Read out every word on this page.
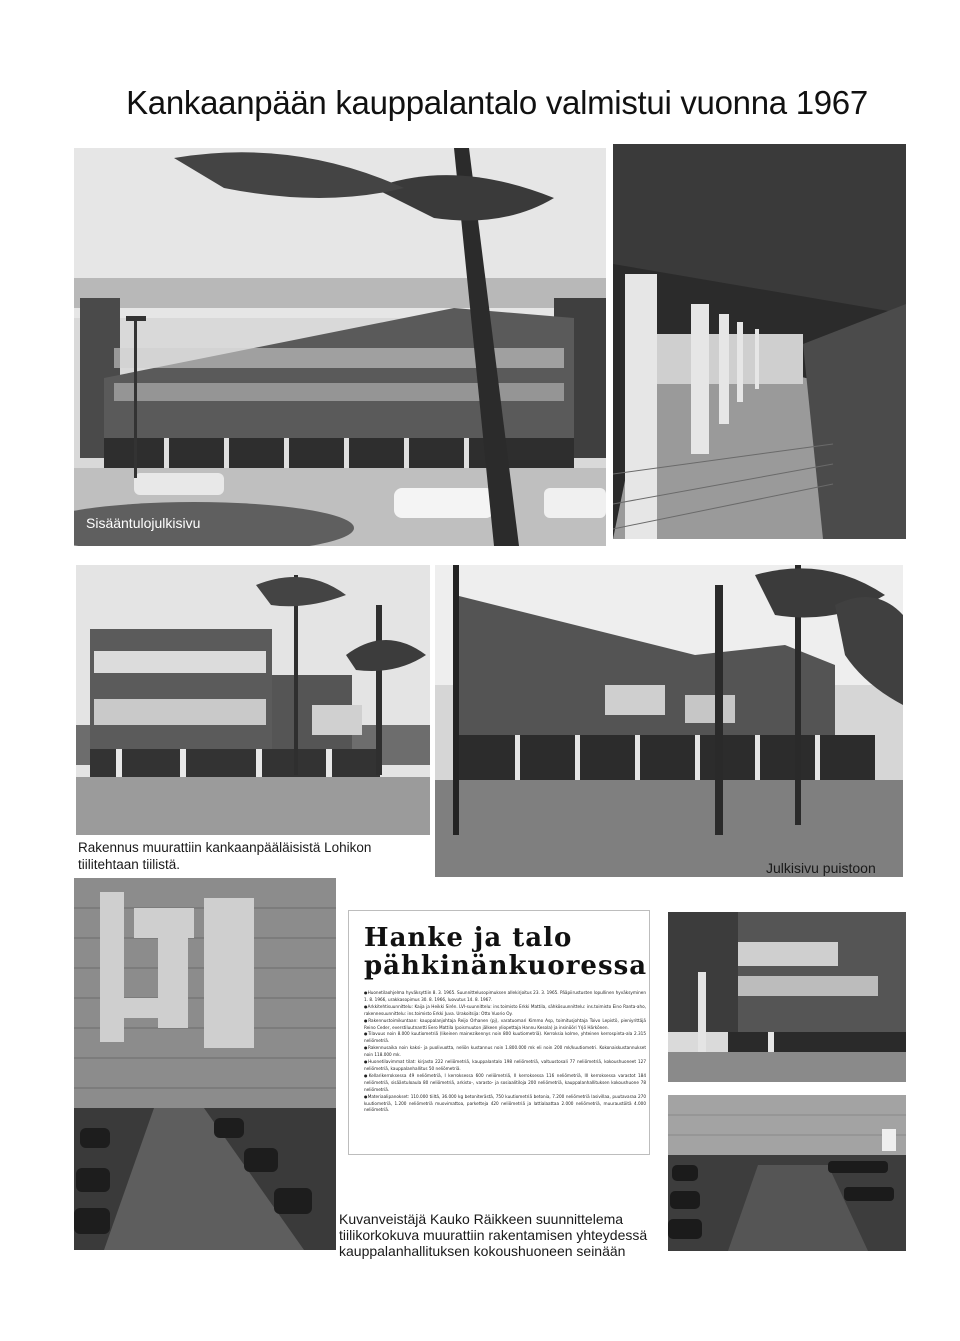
Kankaanpään kauppalantalo valmistui vuonna 1967
Sisääntulojulkisivu
Rakennus muurattiin kankaanpääläisistä Lohikon
tiilitehtaan tiilistä.	Julkisivu puistoon
Hanke ja talo
pähkinänkuoressa

● Huonetilaohjelma hyväksyttiin 8. 3. 1965. Suunnittelusopimuksen allekirjoitus 23. 3. 1965. Pääpiirustusten lopullinen hyväksyminen 1. 8. 1966, urakkasopimus 30. 8. 1966, luovutus 14. 8. 1967.

● Arkkitehtisuunnittelu: Kaija ja Heikki Sirén. LVI-suunnittelu: ins.toimisto Erkki Mattila, sähkösuunnittelu: ins.toimisto Eino Ranta-aho, rakennesuunnittelu: ins.toimisto Erkki Juva. Urakoitsija: Otto Vuorio Oy.

● Rakennustoimikuntaan: kauppalanjohtaja Reijo Orhanen (pj), varatuomari Kimmo Asp, toimitusjohtaja Toivo Lepistö, pieniyrittäjä Reino Ceder, everstiluutnantti Eero Mattila (poismuuton jälkeen yliopettaja Hannu Kesola) ja insinööri Yrjö Härkönen.

● Tilavuus noin 8.000 kuutiometriä (likeinen mainezikennys noin 800 kuutiometriä). Kerroksia kolme, yhteinen kerrospinta-ala 2.315 neliömetriä.

● Rakennusaika noin kaksi- ja puolivuotta, neliön kustannus noin 1.800.000 mk eli noin 200 mk/kuutiometri. Kokonaiskustannukset noin 118.000 mk.

● Huonetilavimmat tilat: kirjasto 222 neliömetriä, kauppalantalo 198 neliömetriä, valtuustosali 77 neliömetriä, kokoushuoneet 127 neliömetriä, kauppalanhallitus 50 neliömetriä.

● Kellarikerroksessa 49 neliömetriä, I kerroksessa 600 neliömetriä, II kerroksessa 116 neliömetriä, III kerroksessa varastot 184 neliömetriä, sisääntuloaula 80 neliömetriä, arkisto-, varasto- ja sosiaalitiloja 200 neliömetriä, kauppalanhallituksen kokoushuone 78 neliömetriä.

● Materiaalipanokset: 110.000 tiiltä, 36.000 kg betoniterästä, 750 kuutiometriä betonia, 7.200 neliömetriä lasivillaa, puutavaraa 270 kuutiometriä, 1.200 neliömetriä muovimattoa, parketteja 420 neliömetriä ja lattialaattaa 2.000 neliömetriä, muuraustöitä 4.000 neliömetriä.

Kuvanveistäjä Kauko Räikkeen suunnittelema
tiilikorkokuva muurattiin rakentamisen yhteydessä
kauppalanhallituksen kokoushuoneen seinään
